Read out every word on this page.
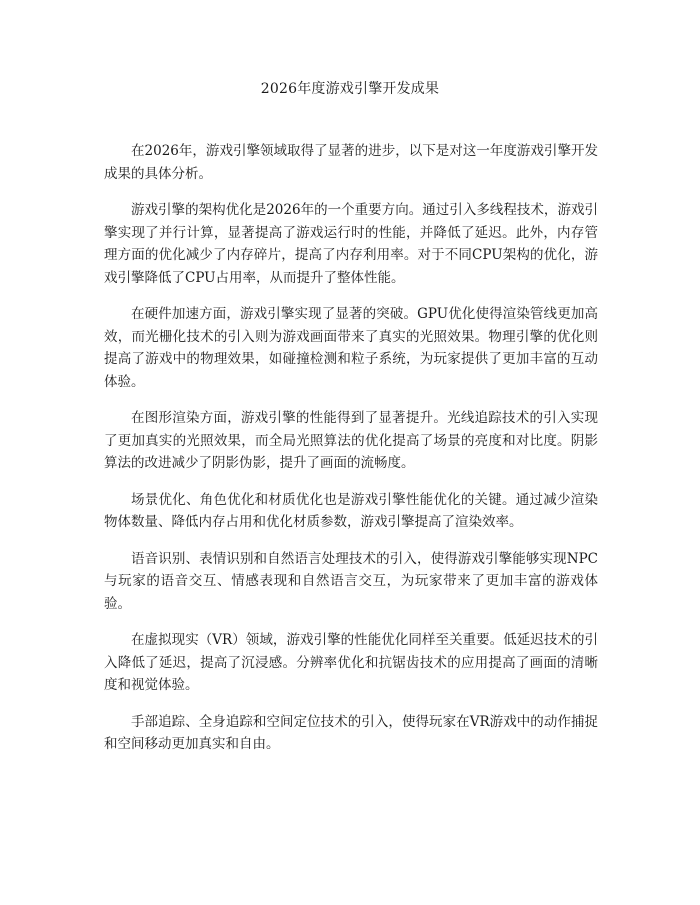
2026年度游戏引擎开发成果

在2026年，游戏引擎领域取得了显著的进步，以下是对这一年度游戏引擎开发成果的具体分析。

游戏引擎的架构优化是2026年的一个重要方向。通过引入多线程技术，游戏引擎实现了并行计算，显著提高了游戏运行时的性能，并降低了延迟。此外，内存管理方面的优化减少了内存碎片，提高了内存利用率。对于不同CPU架构的优化，游戏引擎降低了CPU占用率，从而提升了整体性能。

在硬件加速方面，游戏引擎实现了显著的突破。GPU优化使得渲染管线更加高效，而光栅化技术的引入则为游戏画面带来了真实的光照效果。物理引擎的优化则提高了游戏中的物理效果，如碰撞检测和粒子系统，为玩家提供了更加丰富的互动体验。

在图形渲染方面，游戏引擎的性能得到了显著提升。光线追踪技术的引入实现了更加真实的光照效果，而全局光照算法的优化提高了场景的亮度和对比度。阴影算法的改进减少了阴影伪影，提升了画面的流畅度。

场景优化、角色优化和材质优化也是游戏引擎性能优化的关键。通过减少渲染物体数量、降低内存占用和优化材质参数，游戏引擎提高了渲染效率。

语音识别、表情识别和自然语言处理技术的引入，使得游戏引擎能够实现NPC与玩家的语音交互、情感表现和自然语言交互，为玩家带来了更加丰富的游戏体验。

在虚拟现实（VR）领域，游戏引擎的性能优化同样至关重要。低延迟技术的引入降低了延迟，提高了沉浸感。分辨率优化和抗锯齿技术的应用提高了画面的清晰度和视觉体验。

手部追踪、全身追踪和空间定位技术的引入，使得玩家在VR游戏中的动作捕捉和空间移动更加真实和自由。
